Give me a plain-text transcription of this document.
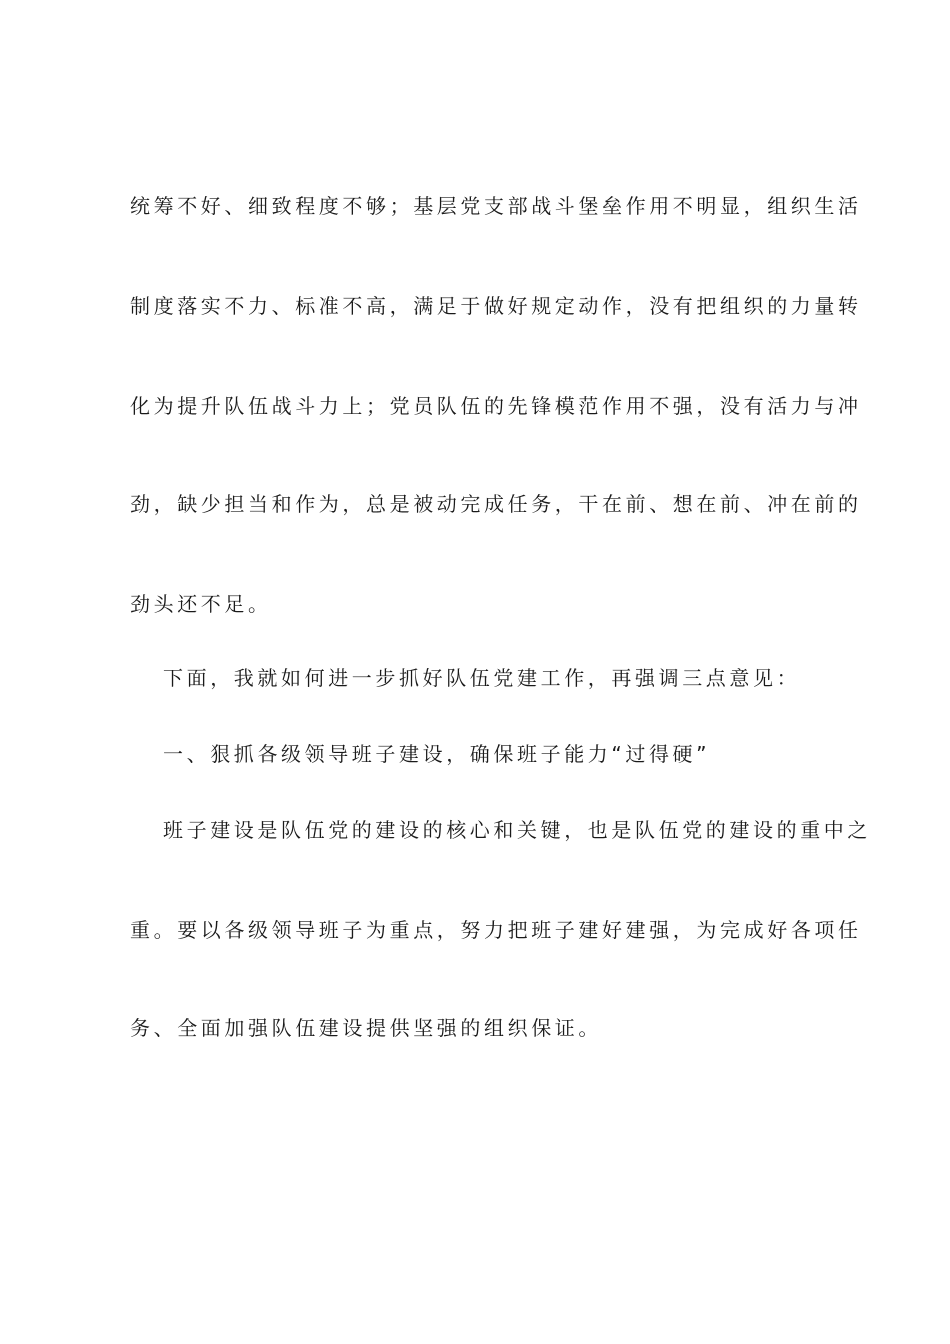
统筹不好、细致程度不够；基层党支部战斗堡垒作用不明显，组织生活
制度落实不力、标准不高，满足于做好规定动作，没有把组织的力量转
化为提升队伍战斗力上；党员队伍的先锋模范作用不强，没有活力与冲
劲，缺少担当和作为，总是被动完成任务，干在前、想在前、冲在前的
劲头还不足。
下面，我就如何进一步抓好队伍党建工作，再强调三点意见：
一、狠抓各级领导班子建设，确保班子能力“过得硬”
班子建设是队伍党的建设的核心和关键，也是队伍党的建设的重中之
重。要以各级领导班子为重点，努力把班子建好建强，为完成好各项任
务、全面加强队伍建设提供坚强的组织保证。
